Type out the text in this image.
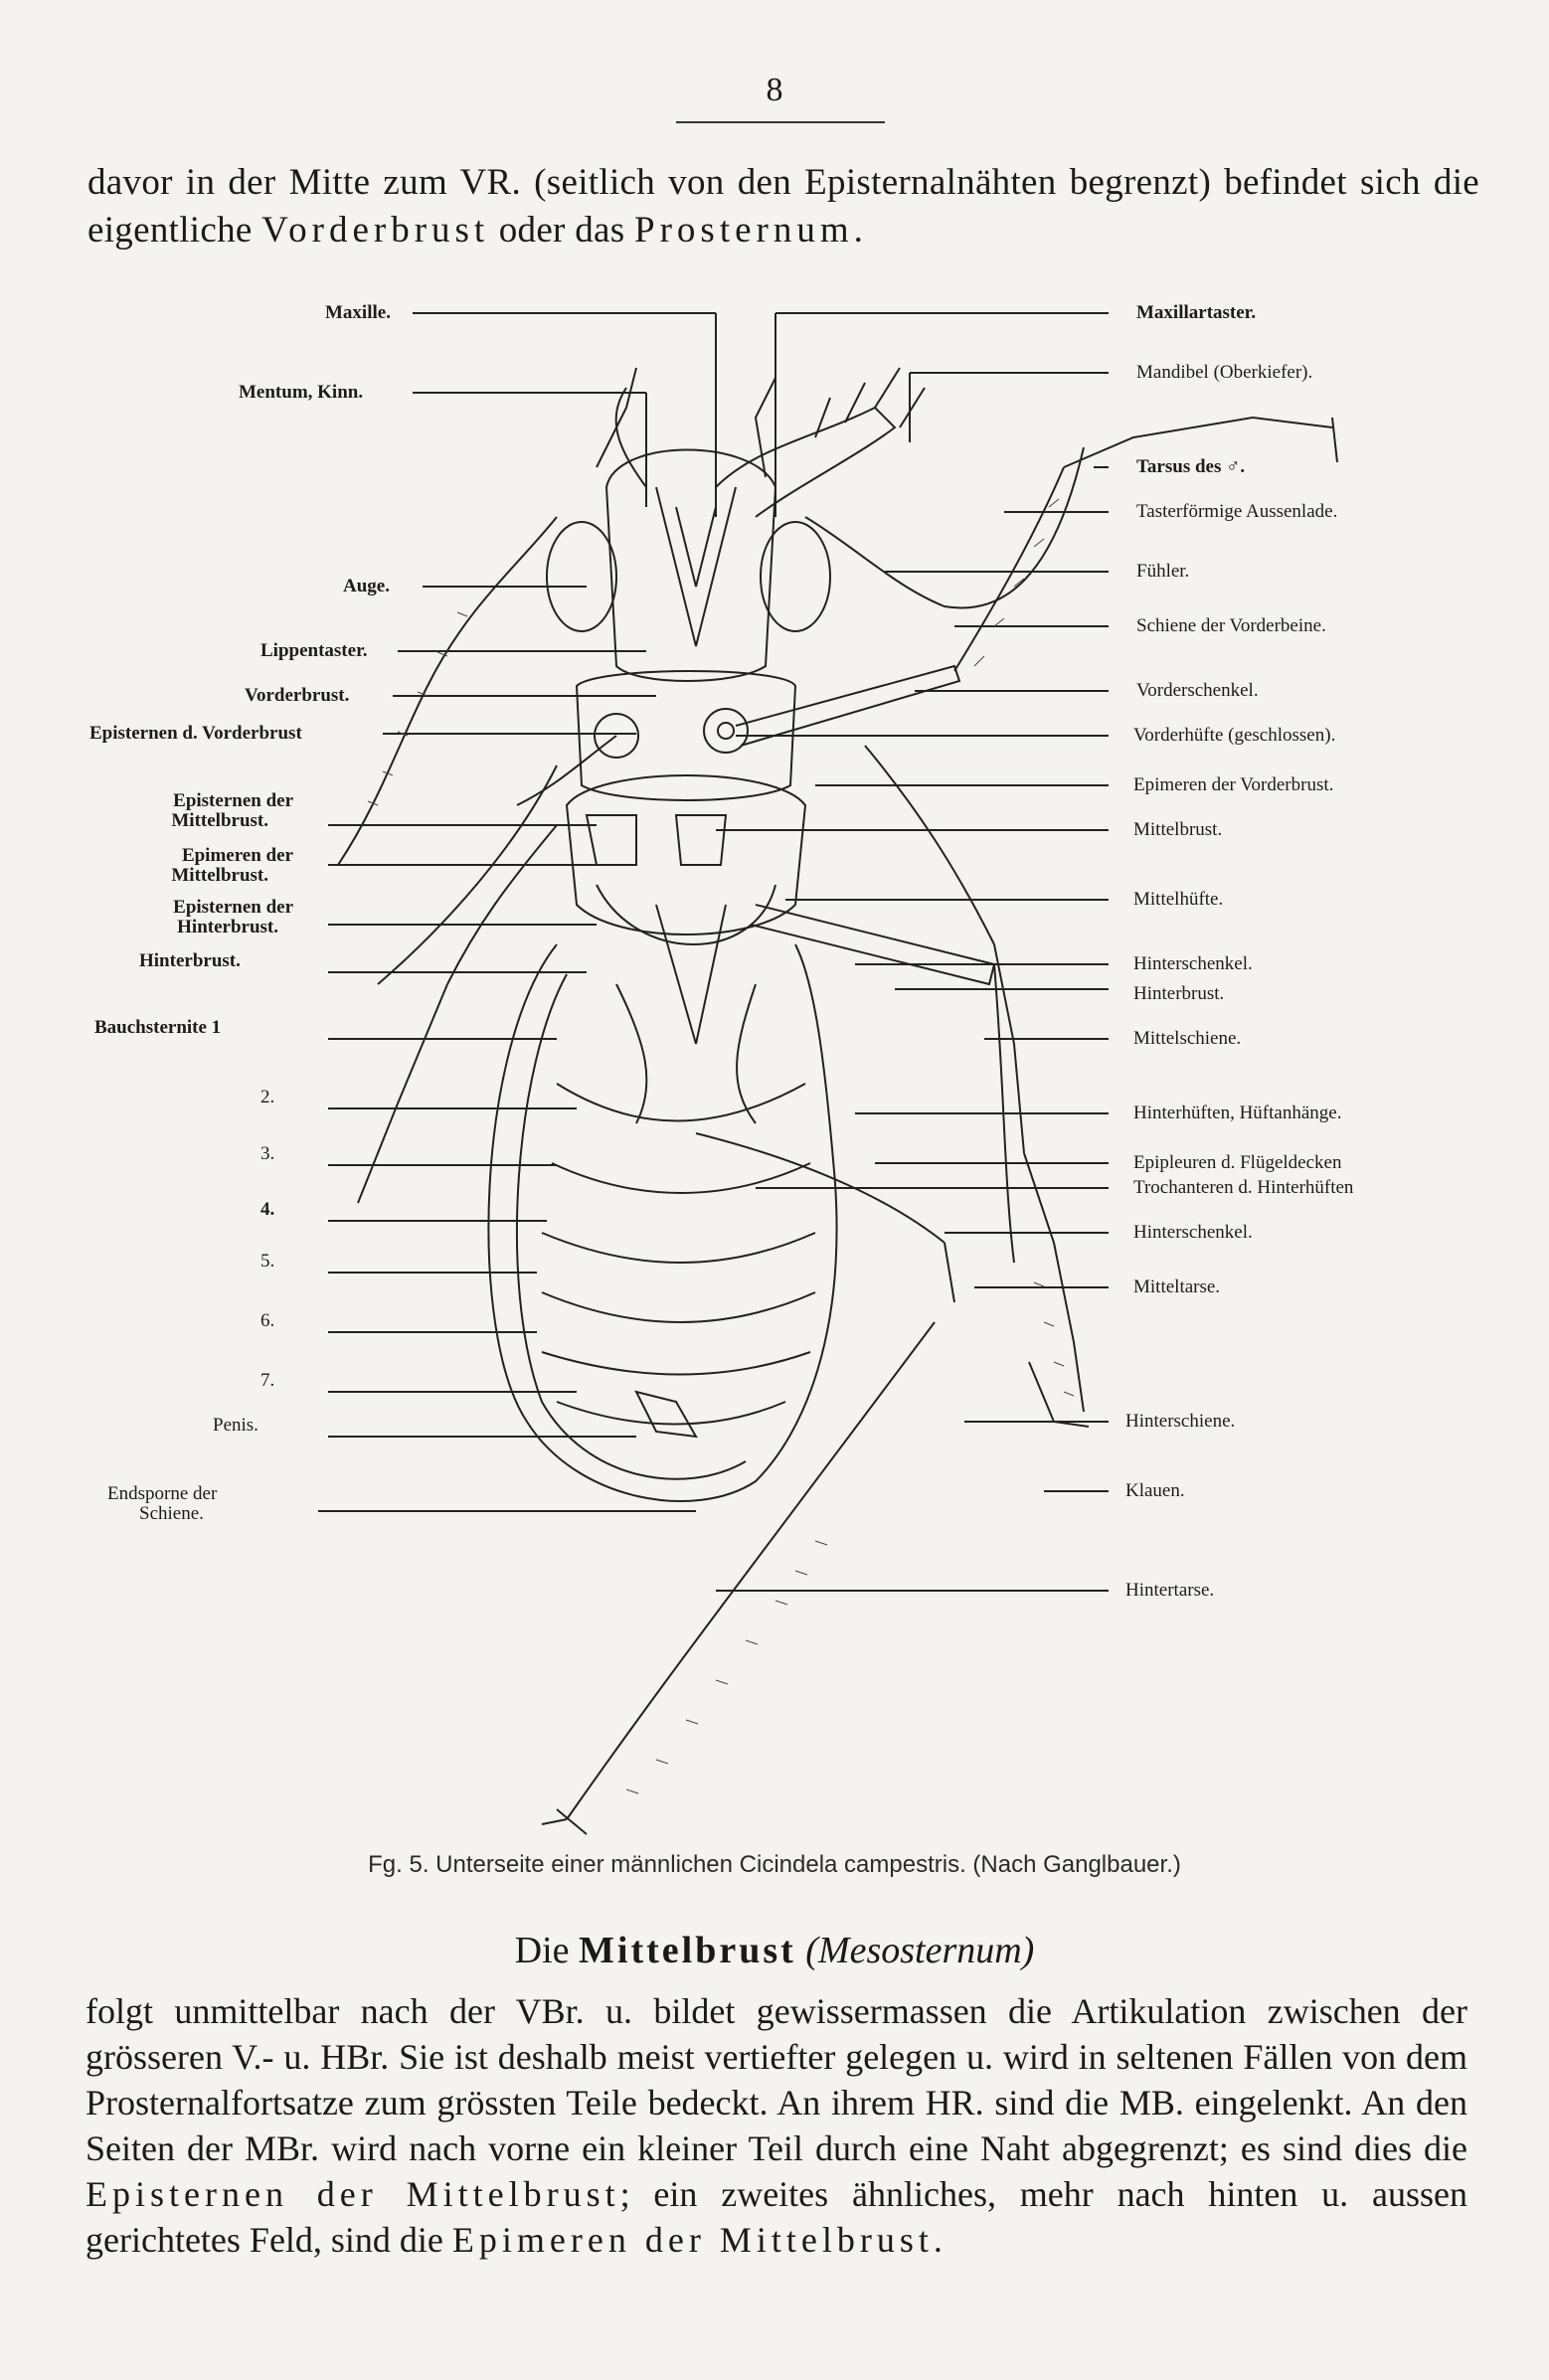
8

davor in der Mitte zum VR. (seitlich von den Episternalnähten begrenzt) befindet sich die eigentliche Vorderbrust oder das Prosternum.

Maxille.
Mentum, Kinn.
Auge.
Lippentaster.
Vorderbrust.
Episternen d. Vorderbrust
Episternen der
Mittelbrust.
Epimeren der
Mittelbrust.
Episternen der
Hinterbrust.
Hinterbrust.
Bauchsternite 1
2.
3.
4.
5.
6.
7.
Penis.
Endsporne der
Schiene.
Maxillartaster.
Mandibel (Oberkiefer).
Tarsus des ♂.
Tasterförmige Aussenlade.
Fühler.
Schiene der Vorderbeine.
Vorderschenkel.
Vorderhüfte (geschlossen).
Epimeren der Vorderbrust.
Mittelbrust.
Mittelhüfte.
Hinterschenkel.
Hinterbrust.
Mittelschiene.
Hinterhüften, Hüftanhänge.
Epipleuren d. Flügeldecken
Trochanteren d. Hinterhüften
Hinterschenkel.
Mitteltarse.
Hinterschiene.
Klauen.
Hintertarse.
Fg. 5. Unterseite einer männlichen Cicindela campestris. (Nach Ganglbauer.)
Die Mittelbrust (Mesosternum)

folgt unmittelbar nach der VBr. u. bildet gewissermassen die Artikulation zwischen der grösseren V.- u. HBr. Sie ist deshalb meist vertiefter gelegen u. wird in seltenen Fällen von dem Prosternalfortsatze zum grössten Teile bedeckt. An ihrem HR. sind die MB. eingelenkt. An den Seiten der MBr. wird nach vorne ein kleiner Teil durch eine Naht abgegrenzt; es sind dies die Episternen der Mittelbrust; ein zweites ähnliches, mehr nach hinten u. aussen gerichtetes Feld, sind die Epimeren der Mittelbrust.
